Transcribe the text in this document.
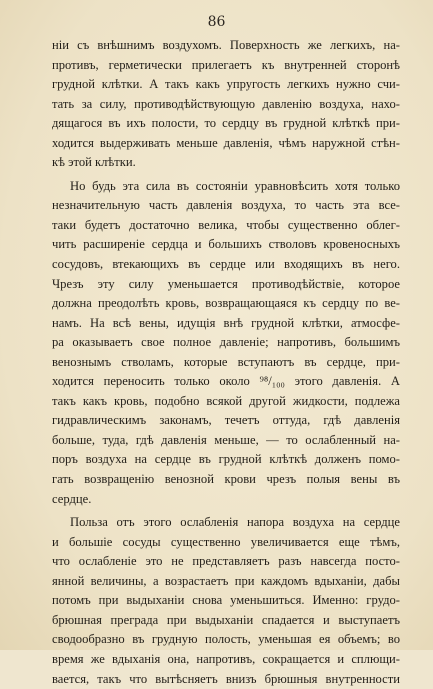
86
нiи съ внѣшнимъ воздухомъ. Поверхность же легкихъ, на-
противъ, герметически прилегаетъ къ внутренней сторонѣ
грудной клѣтки. А такъ какъ упругость легкихъ нужно счи-
тать за силу, противодѣйствующую давленiю воздуха, нахо-
дящагося въ ихъ полости, то сердцу въ грудной клѣткѣ при-
ходится выдерживать меньше давленiя, чѣмъ наружной стѣн-
кѣ этой клѣтки.
Но будь эта сила въ состоянiи уравновѣсить хотя только
незначительную часть давленiя воздуха, то часть эта все-
таки будетъ достаточно велика, чтобы существенно облег-
чить расширенiе сердца и большихъ стволовъ кровеносныхъ
сосудовъ, втекающихъ въ сердце или входящихъ въ него.
Чрезъ эту силу уменьшается противодѣйствiе, которое
должна преодолѣть кровь, возвращающаяся къ сердцу по ве-
намъ. На всѣ вены, идущiя внѣ грудной клѣтки, атмосфе-
ра оказываетъ свое полное давленiе; напротивъ, большимъ
венознымъ стволамъ, которые вступаютъ въ сердце, при-
ходится переносить только около ⁹⁸/₁₀₀ этого давленiя. А
такъ какъ кровь, подобно всякой другой жидкости, подлежа
гидравлическимъ законамъ, течетъ оттуда, гдѣ давленiя
больше, туда, гдѣ давленiя меньше, — то ослабленный на-
поръ воздуха на сердце въ грудной клѣткѣ долженъ помо-
гать возвращенiю венозной крови чрезъ полыя вены въ
сердце.
Польза отъ этого ослабленiя напора воздуха на сердце
и большiе сосуды существенно увеличивается еще тѣмъ,
что ослабленiе это не представляетъ разъ навсегда посто-
янной величины, а возрастаетъ при каждомъ вдыханiи, дабы
потомъ при выдыханiи снова уменьшиться. Именно: грудо-
брюшная преграда при выдыханiи спадается и выступаетъ
сводообразно въ грудную полость, уменьшая ея объемъ; во
время же вдыханiя она, напротивъ, сокращается и сплющи-
вается, такъ что вытѣсняетъ внизъ брюшныя внутренности
